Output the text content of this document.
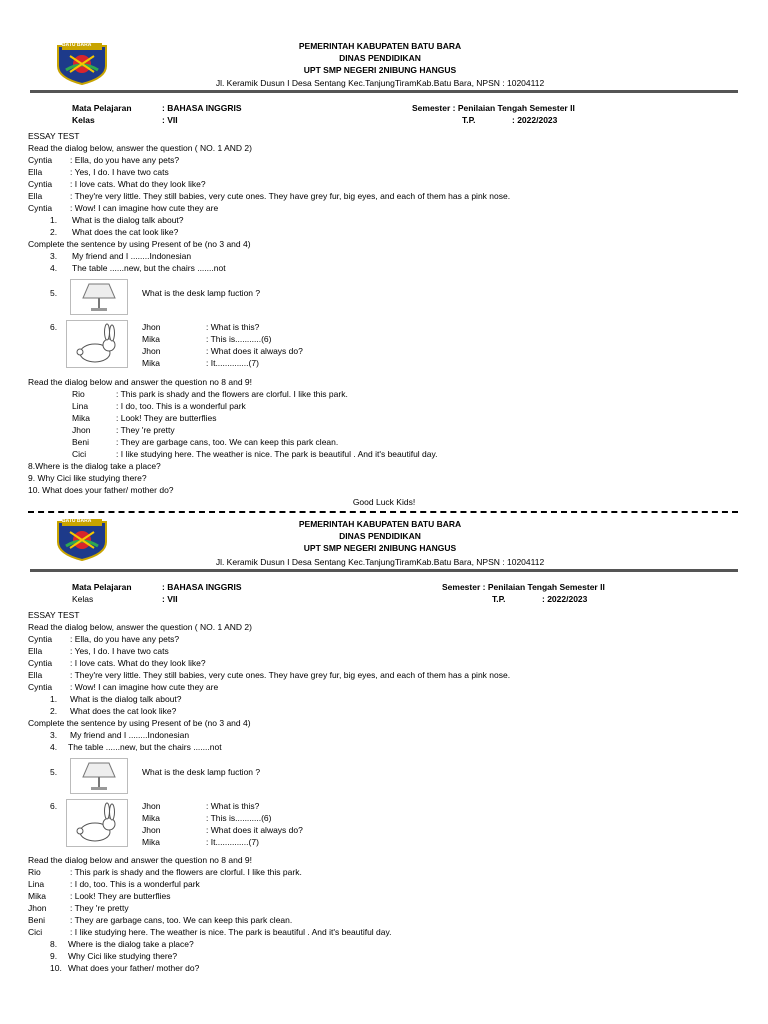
BATU BARA	PEMERINTAH KABUPATEN BATU BARA
DINAS PENDIDIKAN
UPT SMP NEGERI 2NIBUNG HANGUS
Jl. Keramik Dusun I Desa Sentang Kec.TanjungTiramKab.Batu Bara, NPSN : 10204112
Mata Pelajaran	: BAHASA INGGRIS
Kelas	: VII
Semester : Penilaian Tengah Semester II
T.P.	: 2022/2023
ESSAY TEST
Read the dialog below, answer the question ( NO. 1 AND 2)
Cyntia : Ella, do you have any pets?
Ella	: Yes, I do. I have two cats
Cyntia : I love cats. What do they look like?
Ella	: They're very little. They still babies, very cute ones. They have grey fur, big eyes, and each of them has a pink nose.
Cyntia : Wow! I can imagine how cute they are
1. What is the dialog talk about?
2. What does the cat look like?
Complete the sentence by using Present of be (no 3 and 4)
3. My friend and I ........Indonesian
4. The table ......new, but the chairs .......not
5.	What is the desk lamp fuction ?
6.	Jhon	: What is this?
Mika	: This is...........(6)
Jhon	: What does it always do?
Mika	: It..............(7)
Read the dialog below and answer the question no 8 and 9!
Rio	: This park is shady and the flowers are clorful. I like this park.
Lina	: I do, too. This is a wonderful park
Mika	: Look! They are butterflies
Jhon	: They 're pretty
Beni	: They are garbage cans, too. We can keep this park clean.
Cici	: I like studying here. The weather is nice. The park is beautiful . And it's beautiful day.
8.Where is the dialog take a place?
9. Why Cici like studying there?
10. What does your father/ mother do?
Good Luck Kids!
BATU BARA	PEMERINTAH KABUPATEN BATU BARA
DINAS PENDIDIKAN
UPT SMP NEGERI 2NIBUNG HANGUS
Jl. Keramik Dusun I Desa Sentang Kec.TanjungTiramKab.Batu Bara, NPSN : 10204112
Mata Pelajaran	: BAHASA INGGRIS
Kelas	: VII
Semester : Penilaian Tengah Semester II
T.P.	: 2022/2023
ESSAY TEST
Read the dialog below, answer the question ( NO. 1 AND 2)
Cyntia : Ella, do you have any pets?
Ella	: Yes, I do. I have two cats
Cyntia : I love cats. What do they look like?
Ella	: They're very little. They still babies, very cute ones. They have grey fur, big eyes, and each of them has a pink nose.
Cyntia : Wow! I can imagine how cute they are
1. What is the dialog talk about?
2. What does the cat look like?
Complete the sentence by using Present of be (no 3 and 4)
3. My friend and I ........Indonesian
4. The table ......new, but the chairs .......not
5.	What is the desk lamp fuction ?
6.	Jhon	: What is this?
Mika	: This is...........(6)
Jhon	: What does it always do?
Mika	: It..............(7)
Read the dialog below and answer the question no 8 and 9!
Rio	: This park is shady and the flowers are clorful. I like this park.
Lina	: I do, too. This is a wonderful park
Mika	: Look! They are butterflies
Jhon	: They 're pretty
Beni	: They are garbage cans, too. We can keep this park clean.
Cici	: I like studying here. The weather is nice. The park is beautiful . And it's beautiful day.
8. Where is the dialog take a place?
9. Why Cici like studying there?
10. What does your father/ mother do?
